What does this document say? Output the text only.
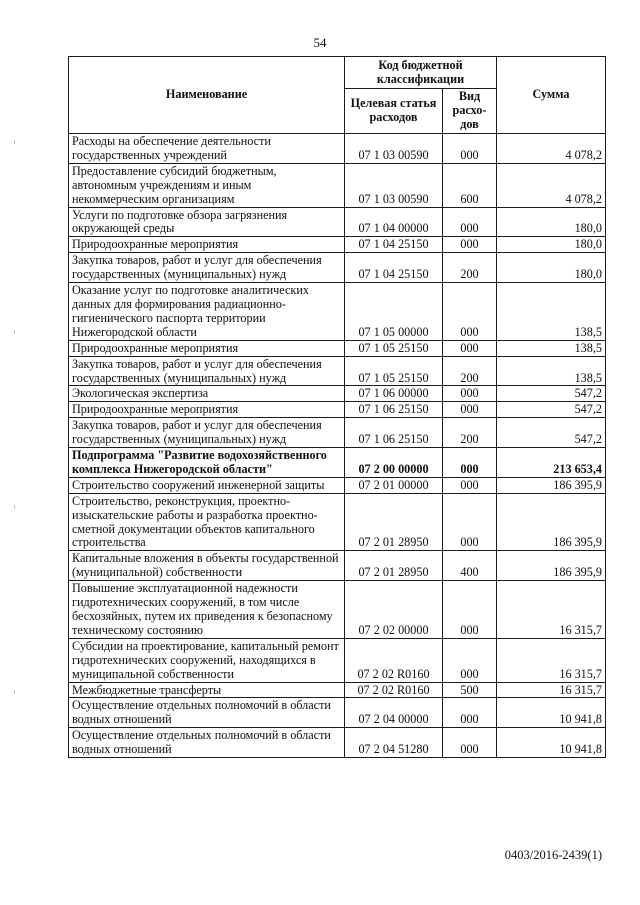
54
Наименование	Код бюджетной классификации		Сумма
	Целевая статья расходов	Вид расхо-дов	
Расходы на обеспечение деятельности государственных учреждений	07 1 03 00590	000	4 078,2
Предоставление субсидий бюджетным, автономным учреждениям и иным некоммерческим организациям	07 1 03 00590	600	4 078,2
Услуги по подготовке обзора загрязнения окружающей среды	07 1 04 00000	000	180,0
Природоохранные мероприятия	07 1 04 25150	000	180,0
Закупка товаров, работ и услуг для обеспечения государственных (муниципальных) нужд	07 1 04 25150	200	180,0
Оказание услуг по подготовке аналитических данных для формирования радиационно-гигиенического паспорта территории Нижегородской области	07 1 05 00000	000	138,5
Природоохранные мероприятия	07 1 05 25150	000	138,5
Закупка товаров, работ и услуг для обеспечения государственных (муниципальных) нужд	07 1 05 25150	200	138,5
Экологическая экспертиза	07 1 06 00000	000	547,2
Природоохранные мероприятия	07 1 06 25150	000	547,2
Закупка товаров, работ и услуг для обеспечения государственных (муниципальных) нужд	07 1 06 25150	200	547,2
Подпрограмма "Развитие водохозяйственного комплекса Нижегородской области"	07 2 00 00000	000	213 653,4
Строительство сооружений инженерной защиты	07 2 01 00000	000	186 395,9
Строительство, реконструкция, проектно-изыскательские работы и разработка проектно-сметной документации объектов капитального строительства	07 2 01 28950	000	186 395,9
Капитальные вложения в объекты государственной (муниципальной) собственности	07 2 01 28950	400	186 395,9
Повышение эксплуатационной надежности гидротехнических сооружений, в том числе бесхозяйных, путем их приведения к безопасному техническому состоянию	07 2 02 00000	000	16 315,7
Субсидии на проектирование, капитальный ремонт гидротехнических сооружений, находящихся в муниципальной собственности	07 2 02 R0160	000	16 315,7
Межбюджетные трансферты	07 2 02 R0160	500	16 315,7
Осуществление отдельных полномочий в области водных отношений	07 2 04 00000	000	10 941,8
Осуществление отдельных полномочий в области водных отношений	07 2 04 51280	000	10 941,8
0403/2016-2439(1)
